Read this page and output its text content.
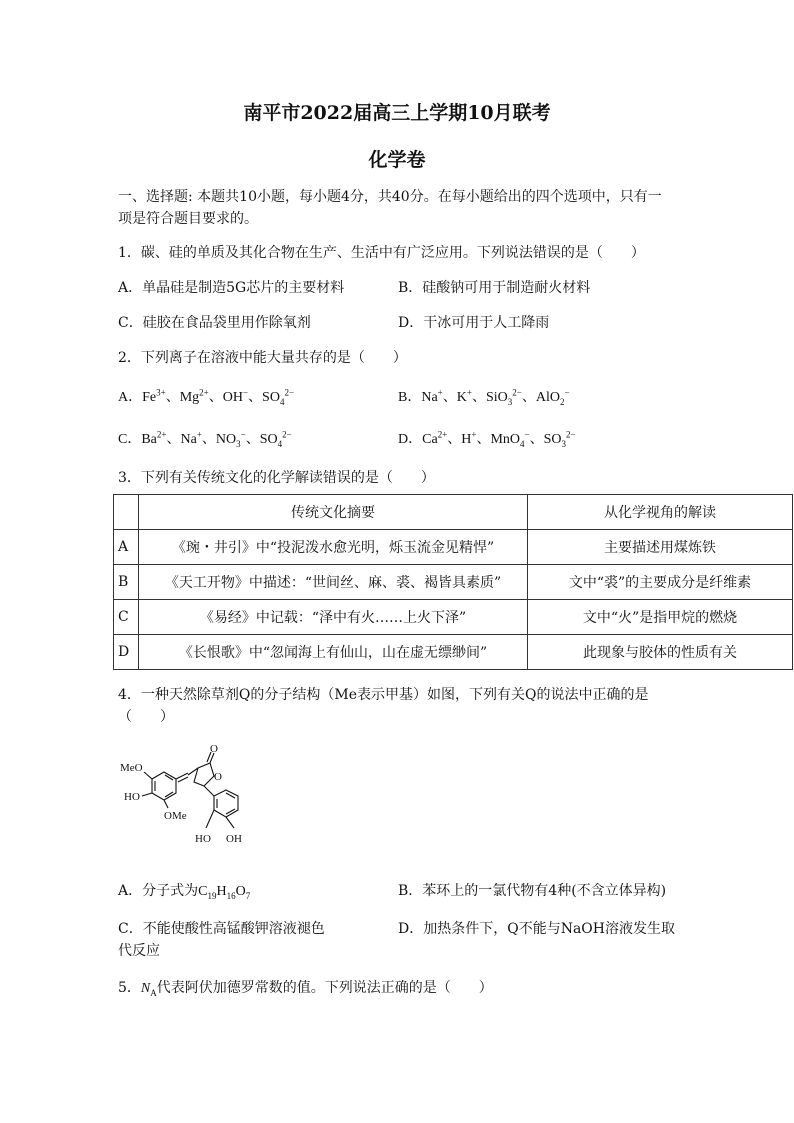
南平市2022届高三上学期10月联考
化学卷
一、选择题: 本题共10小题，每小题4分，共40分。在每小题给出的四个选项中，只有一
项是符合题目要求的。
1．碳、硅的单质及其化合物在生产、生活中有广泛应用。下列说法错误的是（　　）
A．单晶硅是制造5G芯片的主要材料	B．硅酸钠可用于制造耐火材料
C．硅胶在食品袋里用作除氧剂	D．干冰可用于人工降雨
2．下列离子在溶液中能大量共存的是（　　）
A．$Fe^{3+}$、$Mg^{2+}$、OH−、$SO_4^{2-}$	B．Na+、K+、SiO$_3^{2-}$、AlO$_2$−
C．$Ba^{2+}$、Na+、$NO_3^-$、$SO_4^{2-}$	D．$Ca^{2+}$、H+、MnO$_4$−、$SO_3^{2-}$
3．下列有关传统文化的化学解读错误的是（　　）
	传统文化摘要	从化学视角的解读
A	《琬・井引》中“投泥泼水愈光明，烁玉流金见精悍”	主要描述用煤炼铁
B	《天工开物》中描述：“世间丝、麻、裘、褐皆具素质”	文中“裘”的主要成分是纤维素
C	《易经》中记载：“泽中有火……上火下泽”	文中“火”是指甲烷的燃烧
D	《长恨歌》中“忽闻海上有仙山，山在虚无缥缈间”	此现象与胶体的性质有关
4．一种天然除草剂Q的分子结构（Me表示甲基）如图，下列有关Q的说法中正确的是
（　　）
MeO
HO
OMe
HO OH
O
O
A．分子式为$C_{19}H_{16}O_7$	B．苯环上的一氯代物有4种(不含立体异构)
C．不能使酸性高锰酸钾溶液褪色	D．加热条件下，Q不能与NaOH溶液发生取
代反应
5．$N_A$代表阿伏加德罗常数的值。下列说法正确的是（　　）
